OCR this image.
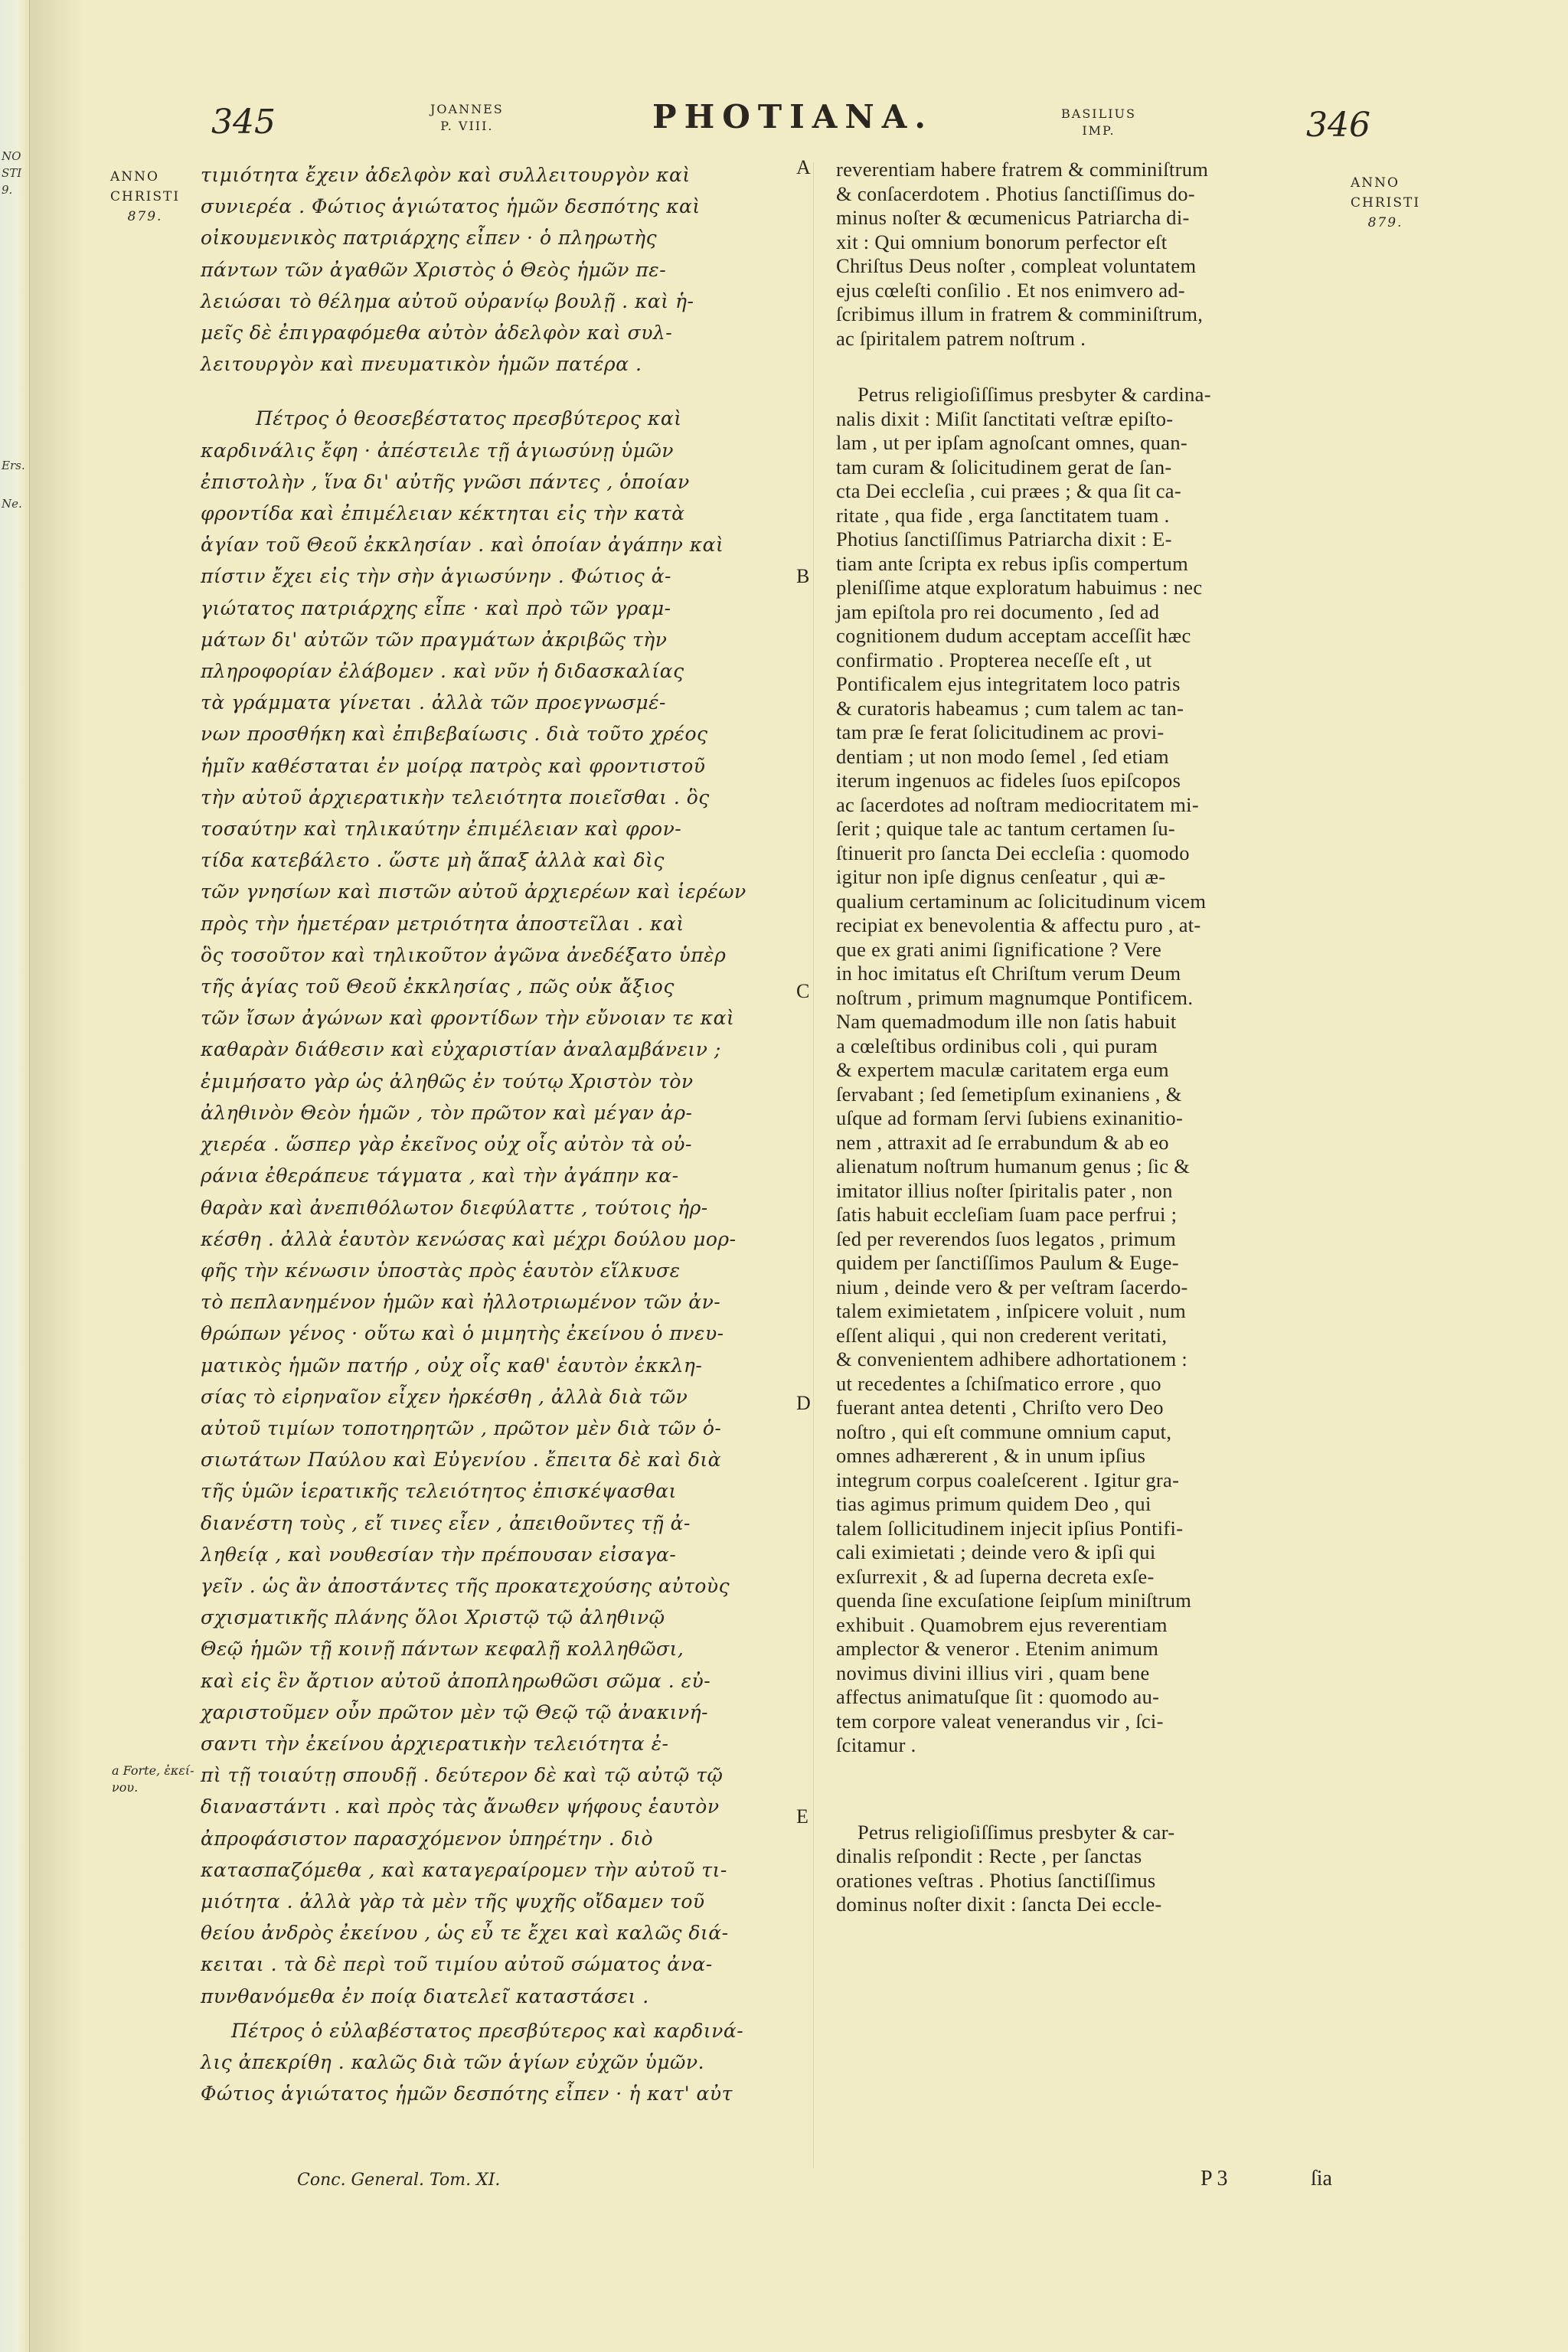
NO
STI
9.
Ers.
Ne.
345	JOANNES
P. VIII.	PHOTIANA.	BASILIUS
IMP.	346
ANNO
CHRISTI
879.
ANNO
CHRISTI
879.
a Forte, ἐκεί-
νου.
A
B
C
D
E
τιμιότητα ἔχειν ἀδελφὸν καὶ συλλειτουργὸν καὶ
συνιερέα . Φώτιος ἁγιώτατος ἡμῶν δεσπότης καὶ
οἰκουμενικὸς πατριάρχης εἶπεν · ὁ πληρωτὴς
πάντων τῶν ἀγαθῶν Χριστὸς ὁ Θεὸς ἡμῶν πε-
λειώσαι τὸ θέλημα αὐτοῦ οὐρανίῳ βουλῇ . καὶ ἡ-
μεῖς δὲ ἐπιγραφόμεθα αὐτὸν ἀδελφὸν καὶ συλ-
λειτουργὸν καὶ πνευματικὸν ἡμῶν πατέρα .
Πέτρος ὁ θεοσεβέστατος πρεσβύτερος καὶ
καρδινάλις ἔφη · ἀπέστειλε τῇ ἁγιωσύνῃ ὑμῶν
ἐπιστολὴν , ἵνα δι' αὐτῆς γνῶσι πάντες , ὁποίαν
φροντίδα καὶ ἐπιμέλειαν κέκτηται εἰς τὴν κατὰ
ἁγίαν τοῦ Θεοῦ ἐκκλησίαν . καὶ ὁποίαν ἀγάπην καὶ
πίστιν ἔχει εἰς τὴν σὴν ἁγιωσύνην . Φώτιος ἁ-
γιώτατος πατριάρχης εἶπε · καὶ πρὸ τῶν γραμ-
μάτων δι' αὐτῶν τῶν πραγμάτων ἀκριβῶς τὴν
πληροφορίαν ἐλάβομεν . καὶ νῦν ἡ διδασκαλίας
τὰ γράμματα γίνεται . ἀλλὰ τῶν προεγνωσμέ-
νων προσθήκη καὶ ἐπιβεβαίωσις . διὰ τοῦτο χρέος
ἡμῖν καθέσταται ἐν μοίρᾳ πατρὸς καὶ φροντιστοῦ
τὴν αὐτοῦ ἀρχιερατικὴν τελειότητα ποιεῖσθαι . ὃς
τοσαύτην καὶ τηλικαύτην ἐπιμέλειαν καὶ φρον-
τίδα κατεβάλετο . ὥστε μὴ ἅπαξ ἀλλὰ καὶ δὶς
τῶν γνησίων καὶ πιστῶν αὐτοῦ ἀρχιερέων καὶ ἱερέων
πρὸς τὴν ἡμετέραν μετριότητα ἀποστεῖλαι . καὶ
ὃς τοσοῦτον καὶ τηλικοῦτον ἀγῶνα ἀνεδέξατο ὑπὲρ
τῆς ἁγίας τοῦ Θεοῦ ἐκκλησίας , πῶς οὐκ ἄξιος
τῶν ἴσων ἀγώνων καὶ φροντίδων τὴν εὔνοιαν τε καὶ
καθαρὰν διάθεσιν καὶ εὐχαριστίαν ἀναλαμβάνειν ;
ἐμιμήσατο γὰρ ὡς ἀληθῶς ἐν τούτῳ Χριστὸν τὸν
ἀληθινὸν Θεὸν ἡμῶν , τὸν πρῶτον καὶ μέγαν ἀρ-
χιερέα . ὥσπερ γὰρ ἐκεῖνος οὐχ οἷς αὐτὸν τὰ οὐ-
ράνια ἐθεράπευε τάγματα , καὶ τὴν ἀγάπην κα-
θαρὰν καὶ ἀνεπιθόλωτον διεφύλαττε , τούτοις ἠρ-
κέσθη . ἀλλὰ ἑαυτὸν κενώσας καὶ μέχρι δούλου μορ-
φῆς τὴν κένωσιν ὑποστὰς πρὸς ἑαυτὸν εἵλκυσε
τὸ πεπλανημένον ἡμῶν καὶ ἠλλοτριωμένον τῶν ἀν-
θρώπων γένος · οὕτω καὶ ὁ μιμητὴς ἐκείνου ὁ πνευ-
ματικὸς ἡμῶν πατήρ , οὐχ οἷς καθ' ἑαυτὸν ἐκκλη-
σίας τὸ εἰρηναῖον εἶχεν ἠρκέσθη , ἀλλὰ διὰ τῶν
αὐτοῦ τιμίων τοποτηρητῶν , πρῶτον μὲν διὰ τῶν ὁ-
σιωτάτων Παύλου καὶ Εὐγενίου . ἔπειτα δὲ καὶ διὰ
τῆς ὑμῶν ἱερατικῆς τελειότητος ἐπισκέψασθαι
διανέστη τοὺς , εἴ τινες εἶεν , ἀπειθοῦντες τῇ ἀ-
ληθείᾳ , καὶ νουθεσίαν τὴν πρέπουσαν εἰσαγα-
γεῖν . ὡς ἂν ἀποστάντες τῆς προκατεχούσης αὐτοὺς
σχισματικῆς πλάνης ὅλοι Χριστῷ τῷ ἀληθινῷ
Θεῷ ἡμῶν τῇ κοινῇ πάντων κεφαλῇ κολληθῶσι,
καὶ εἰς ἓν ἄρτιον αὐτοῦ ἀποπληρωθῶσι σῶμα . εὐ-
χαριστοῦμεν οὖν πρῶτον μὲν τῷ Θεῷ τῷ ἀνακινή-
σαντι τὴν ἐκείνου ἀρχιερατικὴν τελειότητα ἐ-
πὶ τῇ τοιαύτῃ σπουδῇ . δεύτερον δὲ καὶ τῷ αὐτῷ τῷ
διαναστάντι . καὶ πρὸς τὰς ἄνωθεν ψήφους ἑαυτὸν
ἀπροφάσιστον παρασχόμενον ὑπηρέτην . διὸ
κατασπαζόμεθα , καὶ καταγεραίρομεν τὴν αὐτοῦ τι-
μιότητα . ἀλλὰ γὰρ τὰ μὲν τῆς ψυχῆς οἴδαμεν τοῦ
θείου ἀνδρὸς ἐκείνου , ὡς εὖ τε ἔχει καὶ καλῶς διά-
κειται . τὰ δὲ περὶ τοῦ τιμίου αὐτοῦ σώματος ἀνα-
πυνθανόμεθα ἐν ποίᾳ διατελεῖ καταστάσει .
Πέτρος ὁ εὐλαβέστατος πρεσβύτερος καὶ καρδινά-
λις ἀπεκρίθη . καλῶς διὰ τῶν ἁγίων εὐχῶν ὑμῶν.
Φώτιος ἁγιώτατος ἡμῶν δεσπότης εἶπεν · ἡ κατ' αὐτ
Conc. General. Tom. XI.
reverentiam habere fratrem & comminiſtrum
& conſacerdotem . Photius ſanctiſſimus do-
minus noſter & œcumenicus Patriarcha di-
xit : Qui omnium bonorum perfector eſt
Chriſtus Deus noſter , compleat voluntatem
ejus cœleſti conſilio . Et nos enimvero ad-
ſcribimus illum in fratrem & comminiſtrum,
ac ſpiritalem patrem noſtrum .
Petrus religioſiſſimus presbyter & cardina-
nalis dixit : Miſit ſanctitati veſtræ epiſto-
lam , ut per ipſam agnoſcant omnes, quan-
tam curam & ſolicitudinem gerat de ſan-
cta Dei eccleſia , cui præes ; & qua ſit ca-
ritate , qua fide , erga ſanctitatem tuam .
Photius ſanctiſſimus Patriarcha dixit : E-
tiam ante ſcripta ex rebus ipſis compertum
pleniſſime atque exploratum habuimus : nec
jam epiſtola pro rei documento , ſed ad
cognitionem dudum acceptam acceſſit hæc
confirmatio . Propterea neceſſe eſt , ut
Pontificalem ejus integritatem loco patris
& curatoris habeamus ; cum talem ac tan-
tam præ ſe ferat ſolicitudinem ac provi-
dentiam ; ut non modo ſemel , ſed etiam
iterum ingenuos ac fideles ſuos epiſcopos
ac ſacerdotes ad noſtram mediocritatem mi-
ſerit ; quique tale ac tantum certamen ſu-
ſtinuerit pro ſancta Dei eccleſia : quomodo
igitur non ipſe dignus cenſeatur , qui æ-
qualium certaminum ac ſolicitudinum vicem
recipiat ex benevolentia & affectu puro , at-
que ex grati animi ſignificatione ? Vere
in hoc imitatus eſt Chriſtum verum Deum
noſtrum , primum magnumque Pontificem.
Nam quemadmodum ille non ſatis habuit
a cœleſtibus ordinibus coli , qui puram
& expertem maculæ caritatem erga eum
ſervabant ; ſed ſemetipſum exinaniens , &
uſque ad formam ſervi ſubiens exinanitio-
nem , attraxit ad ſe errabundum & ab eo
alienatum noſtrum humanum genus ; ſic &
imitator illius noſter ſpiritalis pater , non
ſatis habuit eccleſiam ſuam pace perfrui ;
ſed per reverendos ſuos legatos , primum
quidem per ſanctiſſimos Paulum & Euge-
nium , deinde vero & per veſtram ſacerdo-
talem eximietatem , inſpicere voluit , num
eſſent aliqui , qui non crederent veritati,
& convenientem adhibere adhortationem :
ut recedentes a ſchiſmatico errore , quo
fuerant antea detenti , Chriſto vero Deo
noſtro , qui eſt commune omnium caput,
omnes adhærerent , & in unum ipſius
integrum corpus coaleſcerent . Igitur gra-
tias agimus primum quidem Deo , qui
talem ſollicitudinem injecit ipſius Pontifi-
cali eximietati ; deinde vero & ipſi qui
exſurrexit , & ad ſuperna decreta exſe-
quenda ſine excuſatione ſeipſum miniſtrum
exhibuit . Quamobrem ejus reverentiam
amplector & veneror . Etenim animum
novimus divini illius viri , quam bene
affectus animatuſque ſit : quomodo au-
tem corpore valeat venerandus vir , ſci-
ſcitamur .
Petrus religioſiſſimus presbyter & car-
dinalis reſpondit : Recte , per ſanctas
orationes veſtras . Photius ſanctiſſimus
dominus noſter dixit : ſancta Dei eccle-
P 3	ſia
